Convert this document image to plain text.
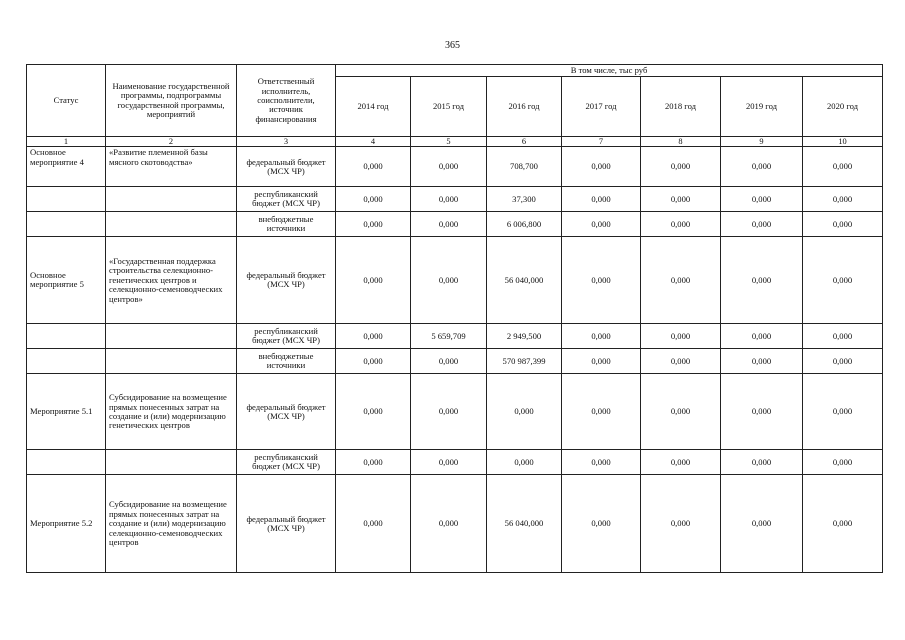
365
Статус	Наименование государственной программы, подпрограммы государственной программы, мероприятий	Ответственный исполнитель, соисполнители, источник финансирования	В том числе, тыс руб						
			2014 год	2015 год	2016 год	2017 год	2018 год	2019 год	2020 год
1	2	3	4	5	6	7	8	9	10
Основное мероприятие 4	«Развитие племенной базы мясного скотоводства»	федеральный бюджет (МСХ ЧР)	0,000	0,000	708,700	0,000	0,000	0,000	0,000
		республиканский бюджет (МСХ ЧР)	0,000	0,000	37,300	0,000	0,000	0,000	0,000
		внебюджетные источники	0,000	0,000	6 006,800	0,000	0,000	0,000	0,000
Основное мероприятие 5	«Государственная поддержка строительства селекционно-генетических центров и селекционно-семеноводческих центров»	федеральный бюджет (МСХ ЧР)	0,000	0,000	56 040,000	0,000	0,000	0,000	0,000
		республиканский бюджет (МСХ ЧР)	0,000	5 659,709	2 949,500	0,000	0,000	0,000	0,000
		внебюджетные источники	0,000	0,000	570 987,399	0,000	0,000	0,000	0,000
Мероприятие 5.1	Субсидирование на возмещение прямых понесенных затрат на создание и (или) модернизацию генетических центров	федеральный бюджет (МСХ ЧР)	0,000	0,000	0,000	0,000	0,000	0,000	0,000
		республиканский бюджет (МСХ ЧР)	0,000	0,000	0,000	0,000	0,000	0,000	0,000
Мероприятие 5.2	Субсидирование на возмещение прямых понесенных затрат на создание и (или) модернизацию селекционно-семеноводческих центров	федеральный бюджет (МСХ ЧР)	0,000	0,000	56 040,000	0,000	0,000	0,000	0,000
